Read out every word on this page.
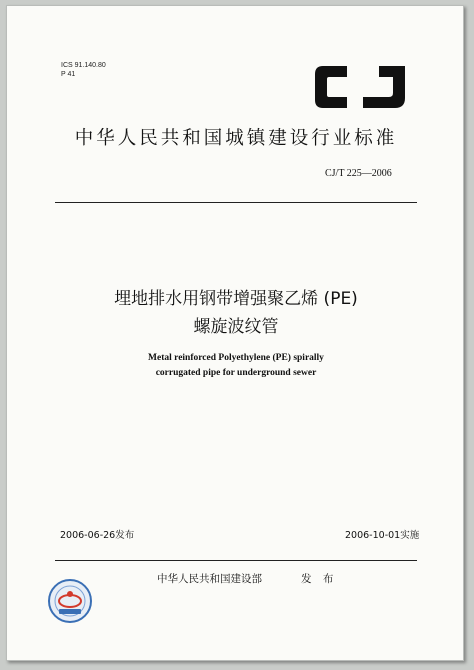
ICS 91.140.80
P 41
中华人民共和国城镇建设行业标准
CJ/T 225—2006
埋地排水用钢带增强聚乙烯 (PE)
螺旋波纹管
Metal reinforced Polyethylene (PE) spirally
corrugated pipe for underground sewer
2006-06-26发布	2006-10-01实施
中华人民共和国建设部	发 布
